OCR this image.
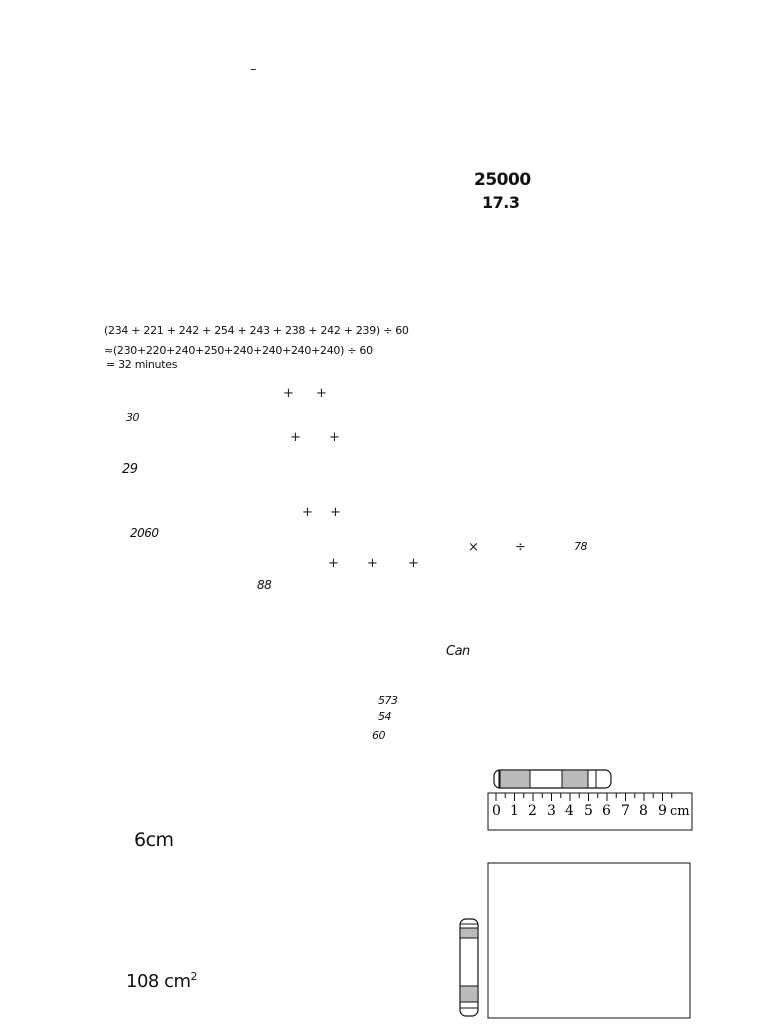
–
25000
17.3
(234 + 221 + 242 + 254 + 243 + 238 + 242 + 239) ÷ 60
≈(230+220+240+250+240+240+240+240) ÷ 60
= 32 minutes
+ +
30
+ +
29
+ +
2060
×	÷	78
+ + +
88
Can
573
54
60
6cm
108 $cm^2$
0 1 2 3 4 5 6 7 8 9 cm
